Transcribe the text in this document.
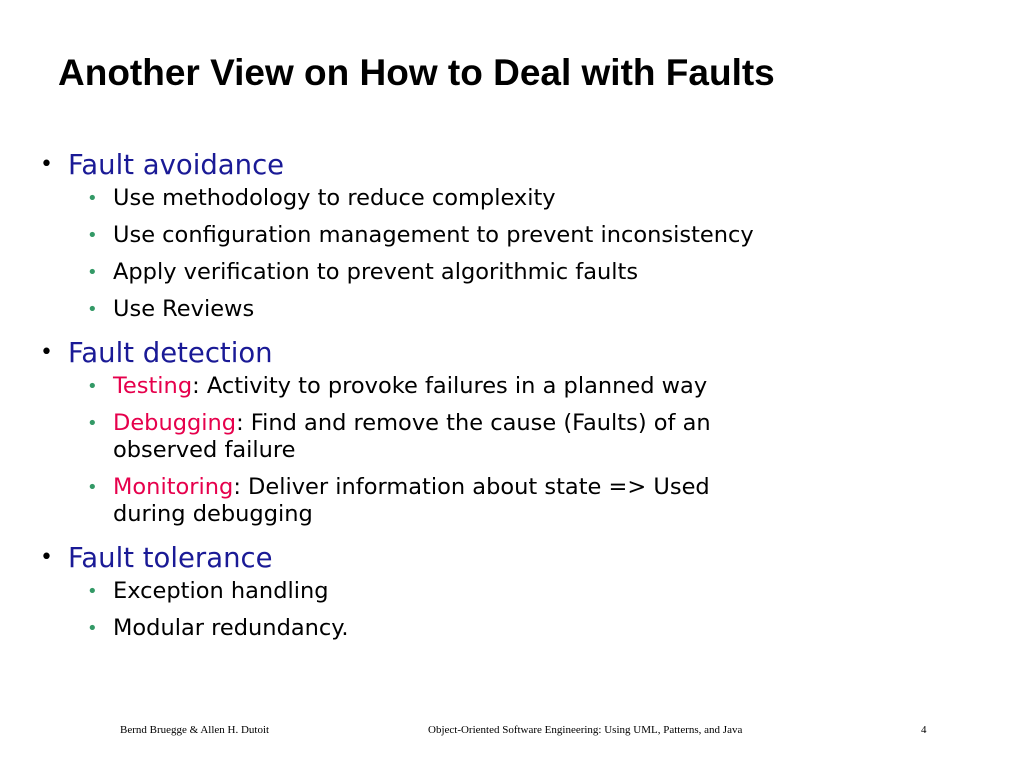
Another View on How to Deal with Faults
• Fault avoidance
• Use methodology to reduce complexity
• Use configuration management to prevent inconsistency
• Apply verification to prevent algorithmic faults
• Use Reviews
• Fault detection
• Testing: Activity to provoke failures in a planned way
• Debugging: Find and remove the cause (Faults) of an
observed failure
• Monitoring: Deliver information about state => Used
during debugging
• Fault tolerance
• Exception handling
• Modular redundancy.
Bernd Bruegge & Allen H. Dutoit	Object-Oriented Software Engineering: Using UML, Patterns, and Java	4
